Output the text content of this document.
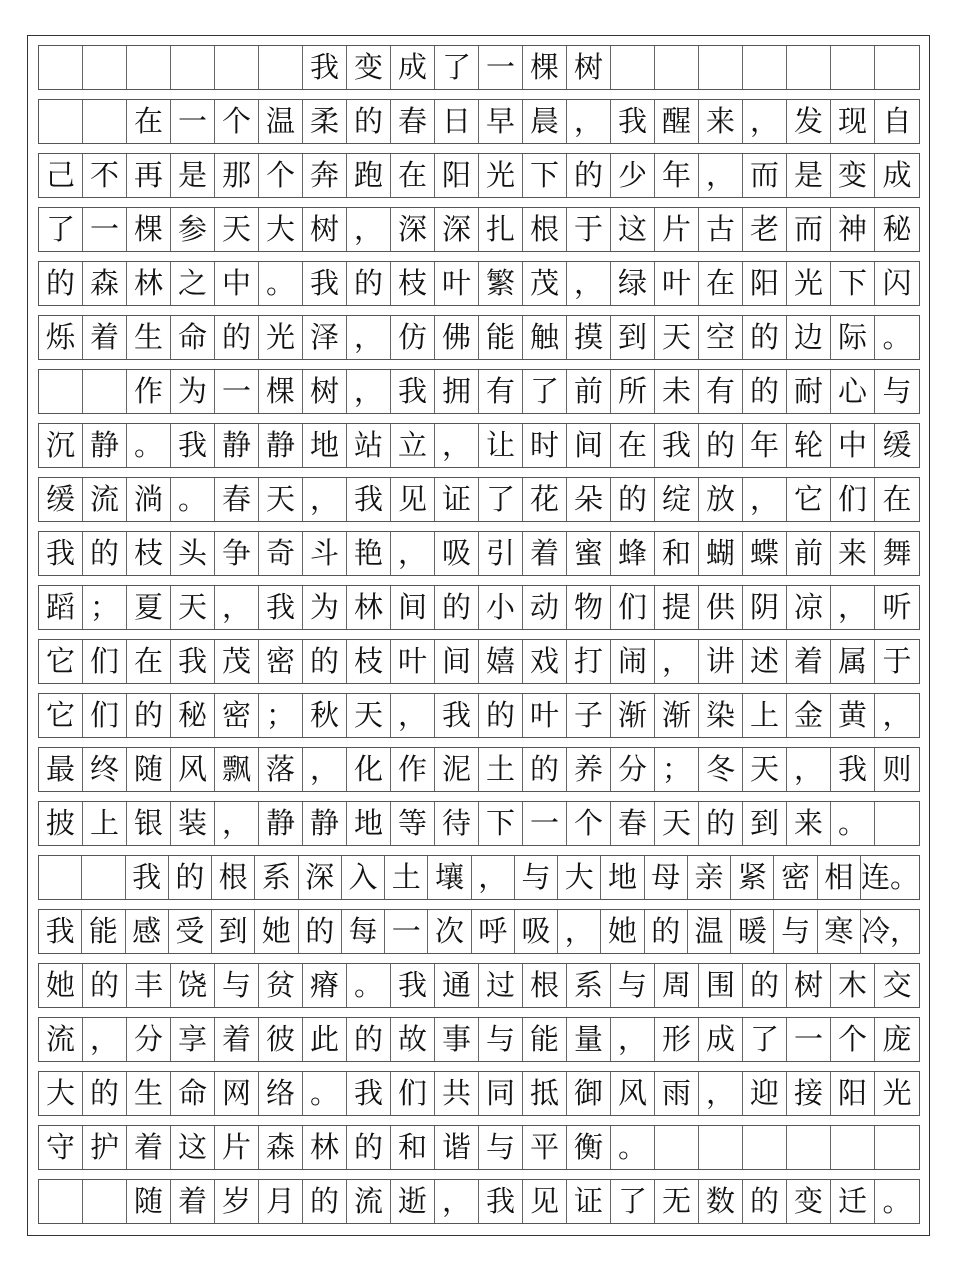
我 变 成 了 一 棵 树
在 一 个 温 柔 的 春 日 早 晨 ， 我 醒 来 ， 发 现 自
己 不 再 是 那 个 奔 跑 在 阳 光 下 的 少 年 ， 而 是 变 成
了 一 棵 参 天 大 树 ， 深 深 扎 根 于 这 片 古 老 而 神 秘
的 森 林 之 中 。 我 的 枝 叶 繁 茂 ， 绿 叶 在 阳 光 下 闪
烁 着 生 命 的 光 泽 ， 仿 佛 能 触 摸 到 天 空 的 边 际 。
作 为 一 棵 树 ， 我 拥 有 了 前 所 未 有 的 耐 心 与
沉 静 。 我 静 静 地 站 立 ， 让 时 间 在 我 的 年 轮 中 缓
缓 流 淌 。 春 天 ， 我 见 证 了 花 朵 的 绽 放 ， 它 们 在
我 的 枝 头 争 奇 斗 艳 ， 吸 引 着 蜜 蜂 和 蝴 蝶 前 来 舞
蹈 ； 夏 天 ， 我 为 林 间 的 小 动 物 们 提 供 阴 凉 ， 听
它 们 在 我 茂 密 的 枝 叶 间 嬉 戏 打 闹 ， 讲 述 着 属 于
它 们 的 秘 密 ； 秋 天 ， 我 的 叶 子 渐 渐 染 上 金 黄 ，
最 终 随 风 飘 落 ， 化 作 泥 土 的 养 分 ； 冬 天 ， 我 则
披 上 银 装 ， 静 静 地 等 待 下 一 个 春 天 的 到 来 。
我 的 根 系 深 入 土 壤 ， 与 大 地 母 亲 紧 密 相 连。
我 能 感 受 到 她 的 每 一 次 呼 吸 ， 她 的 温 暖 与 寒 冷，
她 的 丰 饶 与 贫 瘠 。 我 通 过 根 系 与 周 围 的 树 木 交
流 ， 分 享 着 彼 此 的 故 事 与 能 量 ， 形 成 了 一 个 庞
大 的 生 命 网 络 。 我 们 共 同 抵 御 风 雨 ， 迎 接 阳 光
守 护 着 这 片 森 林 的 和 谐 与 平 衡 。
随 着 岁 月 的 流 逝 ， 我 见 证 了 无 数 的 变 迁 。
